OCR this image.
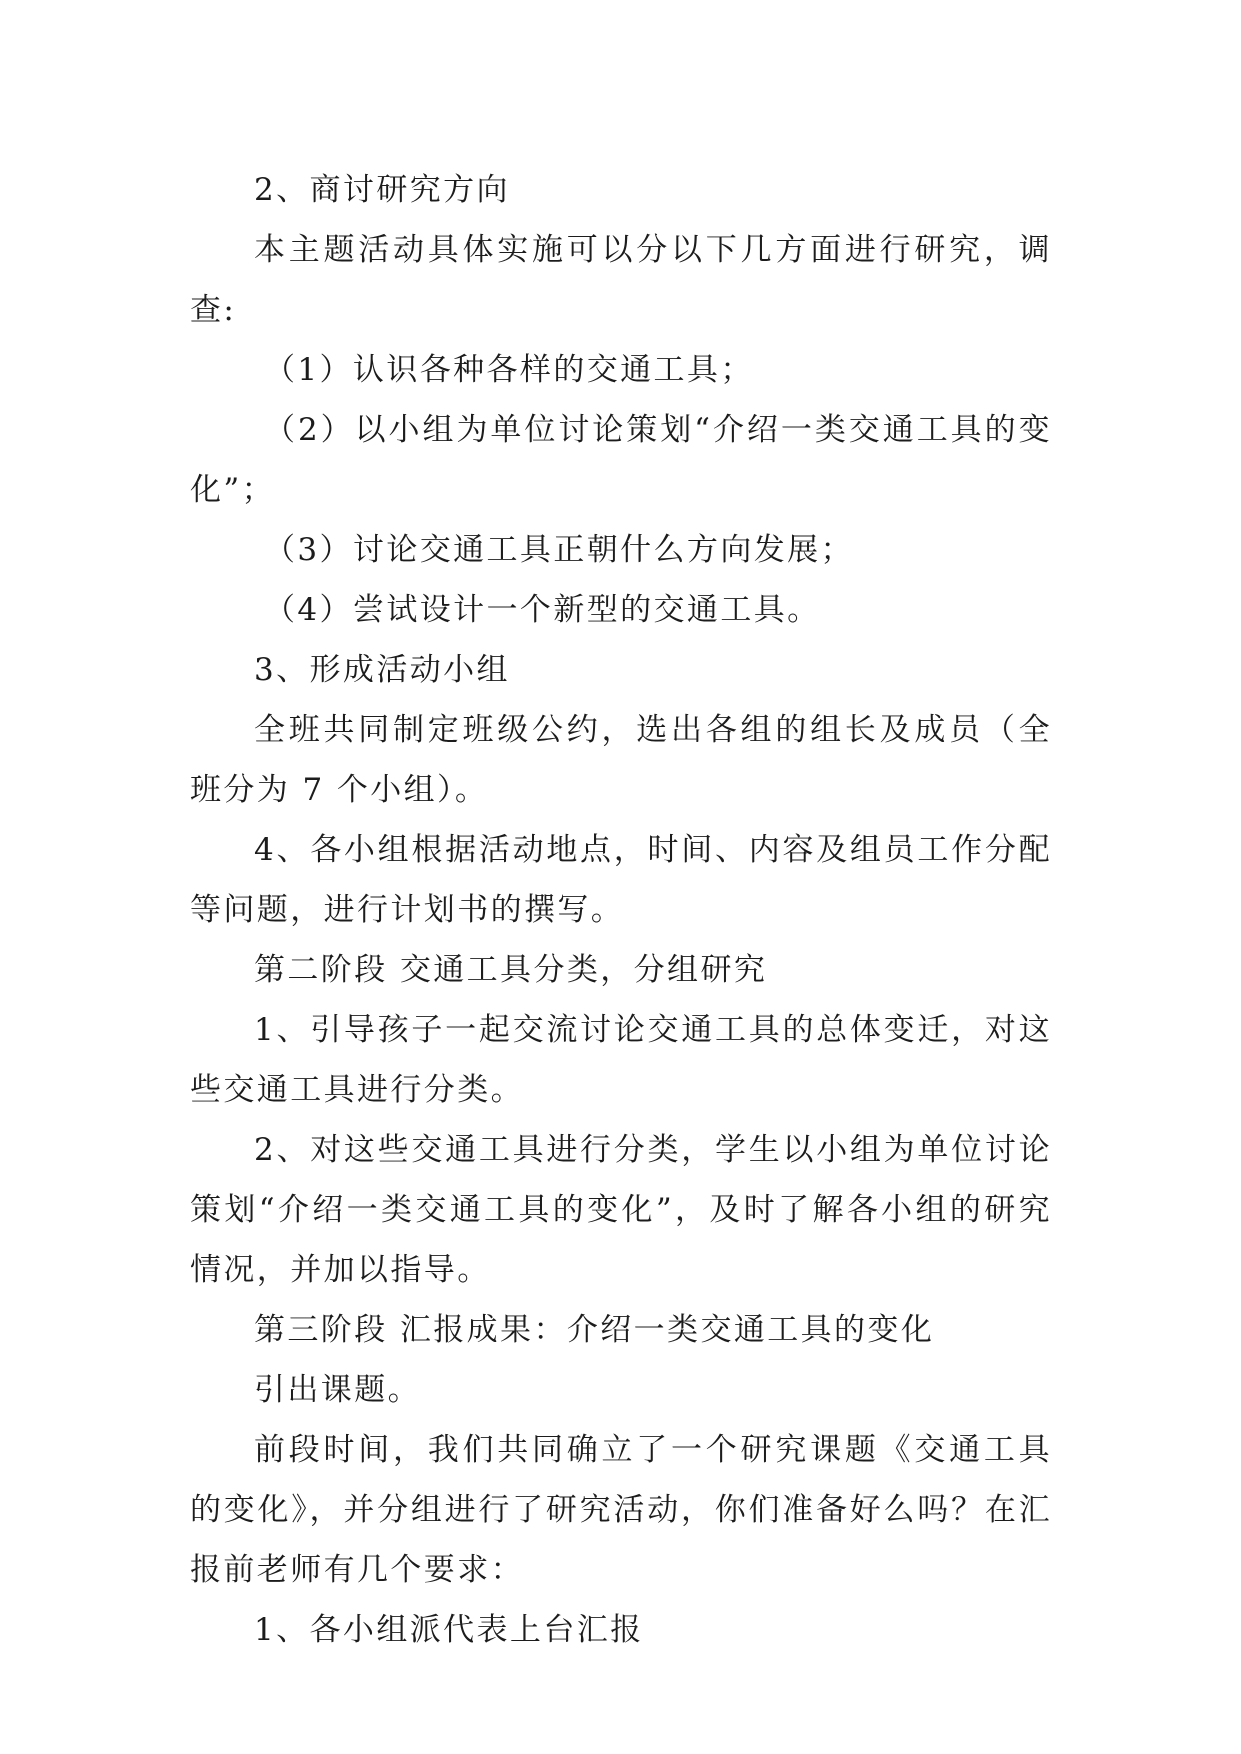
2、商讨研究方向

本主题活动具体实施可以分以下几方面进行研究，调查:

（1）认识各种各样的交通工具；

（2）以小组为单位讨论策划“介绍一类交通工具的变化”；

（3）讨论交通工具正朝什么方向发展；

（4）尝试设计一个新型的交通工具。

3、形成活动小组

全班共同制定班级公约，选出各组的组长及成员（全班分为 7 个小组）。

4、各小组根据活动地点，时间、内容及组员工作分配等问题，进行计划书的撰写。

第二阶段 交通工具分类，分组研究

1、引导孩子一起交流讨论交通工具的总体变迁，对这些交通工具进行分类。

2、对这些交通工具进行分类，学生以小组为单位讨论策划“介绍一类交通工具的变化”，及时了解各小组的研究情况，并加以指导。

第三阶段 汇报成果：介绍一类交通工具的变化

引出课题。

前段时间，我们共同确立了一个研究课题《交通工具的变化》，并分组进行了研究活动，你们准备好么吗？在汇报前老师有几个要求：

1、各小组派代表上台汇报
